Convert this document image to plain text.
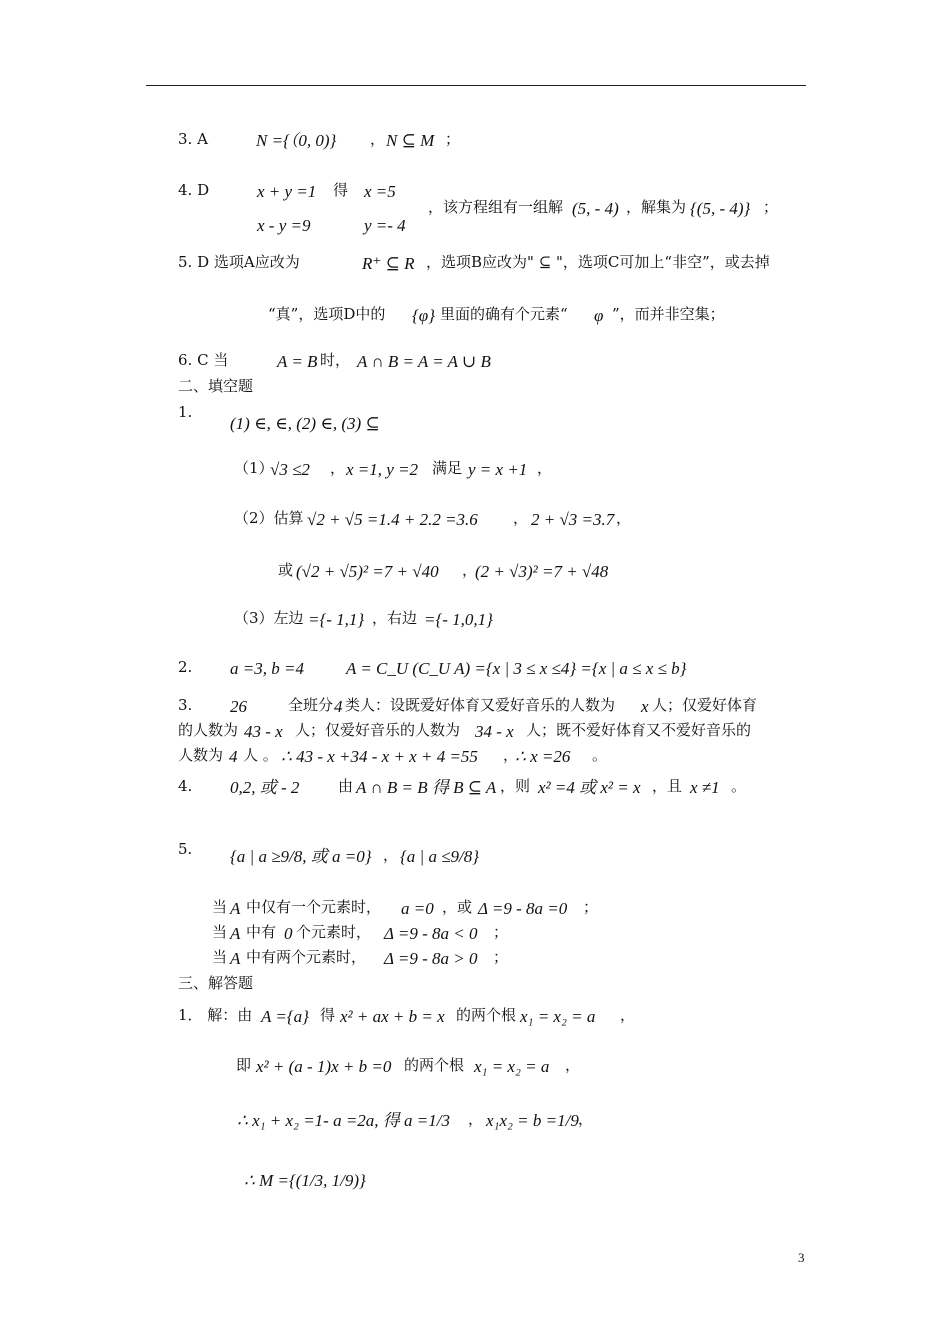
3. A	N ={（0, 0)} ， N ⊆ M ；
4. D	x + y =1 得 x =5
，该方程组有一组解 (5, - 4) ，解集为 {(5, - 4)} ；
x - y =9	y =- 4
5. D 选项A应改为	R⁺ ⊆ R ，选项B应改为" ⊆ "，选项C可加上“非空”，或去掉
“真”，选项D中的 {φ} 里面的确有个元素“ φ ”，而并非空集；
6. C 当	A = B 时， A ∩ B = A = A ∪ B
二、填空题
1.
(1) ∈, ∈, (2) ∈, (3) ⊆
（1）
√3 ≤2 ， x =1, y =2 满足 y = x +1 ，
（2）估算 √2 + √5 =1.4 + 2.2 =3.6 ， 2 + √3 =3.7 ，
或 (√2 + √5)² =7 + √40 ，
(2 + √3)² =7 + √48
（3）左边 ={- 1,1} ，右边 ={- 1,0,1}
2. a =3, b =4 A = C_U (C_U A) ={x | 3 ≤ x ≤4} ={x | a ≤ x ≤ b}
3. 26	全班分 4 类人：设既爱好体育又爱好音乐的人数为 x 人；仅爱好体育
的人数为 43 - x 人；仅爱好音乐的人数为 34 - x 人；既不爱好体育又不爱好音乐的
人数为 4 人 。 ∴ 43 - x +34 - x + x + 4 =55 ，
∴ x =26 。
4. 0,2, 或 - 2	由 A ∩ B = B 得 B ⊆ A ，则 x² =4 或 x² = x ，且 x ≠1 。
5. {a | a ≥9/8, 或 a =0} ， {a | a ≤9/8}
当 A 中仅有一个元素时， a =0 ，或 Δ =9 - 8a =0 ；
当 A 中有 0 个元素时， Δ =9 - 8a < 0 ；
当 A 中有两个元素时， Δ =9 - 8a > 0 ；
三、解答题
1． 解：由 A ={a} 得 x² + ax + b = x 的两个根 x₁ = x₂ = a ，
即 x² + (a - 1)x + b =0 的两个根 x₁ = x₂ = a ，
∴ x₁ + x₂ =1- a =2a, 得 a =1/3 ， x₁x₂ = b =1/9 ，
∴ M ={(1/3, 1/9)}
3
